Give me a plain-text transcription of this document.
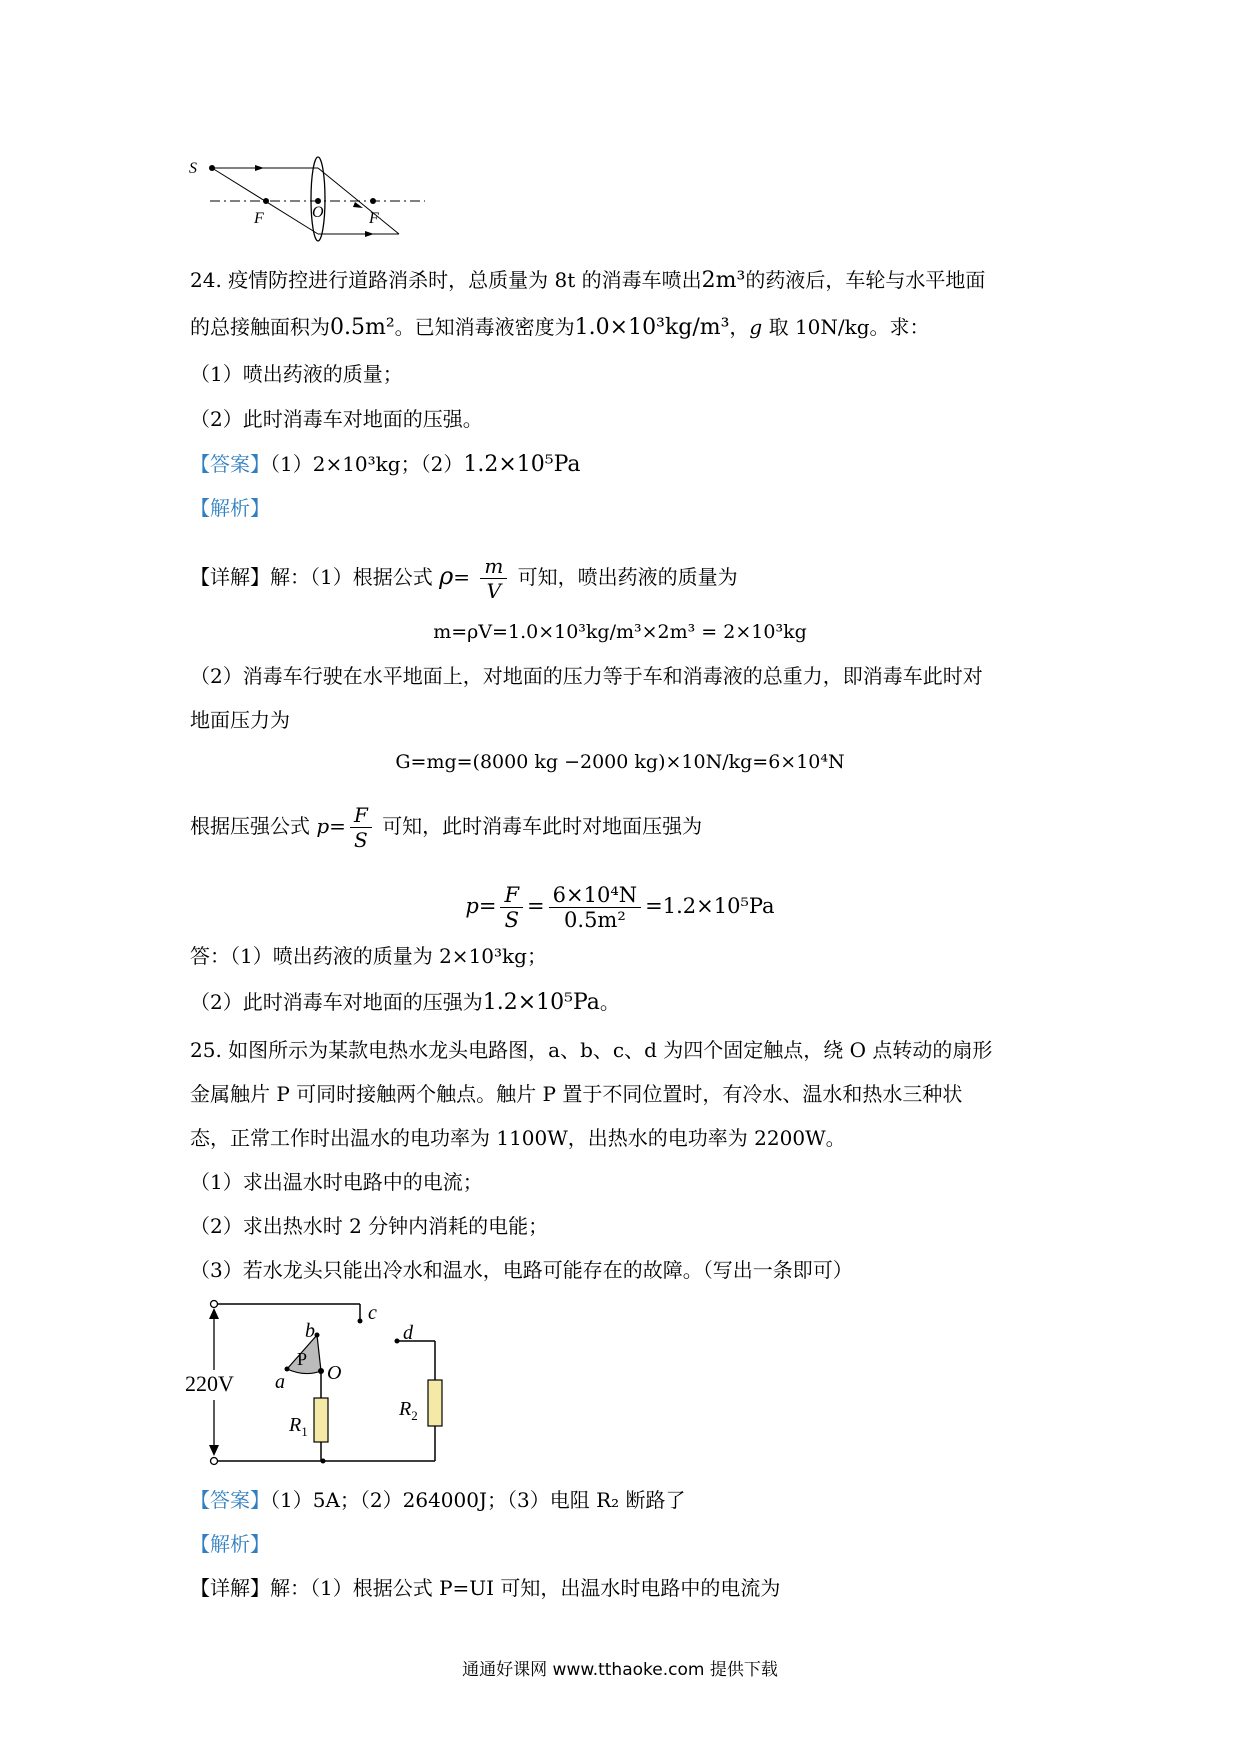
S
F	O	F
24. 疫情防控进行道路消杀时，总质量为 8t 的消毒车喷出2m³的药液后，车轮与水平地面
的总接触面积为0.5m²。已知消毒液密度为1.0×10³kg/m³，g 取 10N/kg。求：
（1）喷出药液的质量；
（2）此时消毒车对地面的压强。
【答案】（1）2×10³kg；（2）1.2×10⁵Pa
【解析】
【详解】解：（1）根据公式 $\rho= \frac{m}{V}$ 可知，喷出药液的质量为
m=ρV=1.0×10³kg/m³×2m³ = 2×10³kg
（2）消毒车行驶在水平地面上，对地面的压力等于车和消毒液的总重力，即消毒车此时对
地面压力为
G=mg=(8000 kg −2000 kg)×10N/kg=6×10⁴N
根据压强公式 $p= \frac{F}{S}$ 可知，此时消毒车此时对地面压强为
$p= \frac{F}{S} = \frac{\text{6×10⁴N}}{\text{0.5m²}} =1.2\times 10^5Pa$
答：（1）喷出药液的质量为 2×10³kg；
（2）此时消毒车对地面的压强为1.2×10⁵Pa。
25. 如图所示为某款电热水龙头电路图，a、b、c、d 为四个固定触点，绕 O 点转动的扇形
金属触片 P 可同时接触两个触点。触片 P 置于不同位置时，有冷水、温水和热水三种状
态，正常工作时出温水的电功率为 1100W，出热水的电功率为 2200W。
（1）求出温水时电路中的电流；
（2）求出热水时 2 分钟内消耗的电能；
（3）若水龙头只能出冷水和温水，电路可能存在的故障。（写出一条即可）
220V
c
d
b
a O
P
$R_1$
$R_2$
【答案】（1）5A；（2）264000J；（3）电阻 R₂ 断路了
【解析】
【详解】解：（1）根据公式 P=UI 可知，出温水时电路中的电流为
通通好课网 www.tthaoke.com 提供下载
